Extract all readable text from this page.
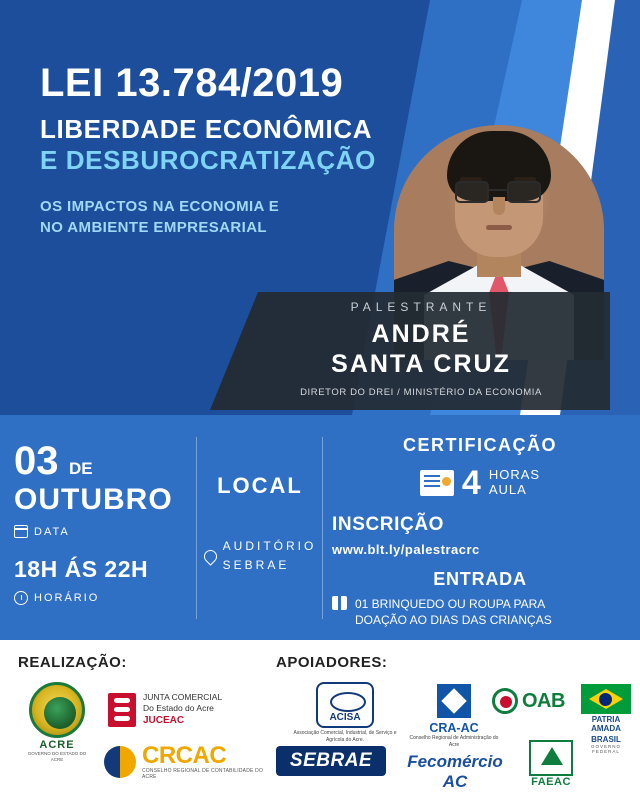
LEI 13.784/2019
LIBERDADE ECONÔMICA
E DESBUROCRATIZAÇÃO
OS IMPACTOS NA ECONOMIA E
NO AMBIENTE EMPRESARIAL
PALESTRANTE
ANDRÉ
SANTA CRUZ
DIRETOR DO DREI / MINISTÉRIO DA ECONOMIA
03 DE
OUTUBRO
DATA
18H ÁS 22H
HORÁRIO
LOCAL
AUDITÓRIO
SEBRAE
CERTIFICAÇÃO
4 HORAS
AULA
INSCRIÇÃO
www.blt.ly/palestracrc
ENTRADA
01 BRINQUEDO OU ROUPA PARA
DOAÇÃO AO DIAS DAS CRIANÇAS
REALIZAÇÃO:	APOIADORES:
ACRE
GOVERNO DO ESTADO DO ACRE
JUNTA COMERCIAL
Do Estado do Acre
JUCEAC
CRCAC
CONSELHO REGIONAL DE CONTABILIDADE DO ACRE
ACISA
Associação Comercial, Industrial, de Serviço e Agrícola do Acre.
CRA-AC
Conselho Regional de Administração do Acre
OAB
PATRIA AMADA
BRASIL
GOVERNO FEDERAL
SEBRAE	Fecomércio AC	FAEAC
